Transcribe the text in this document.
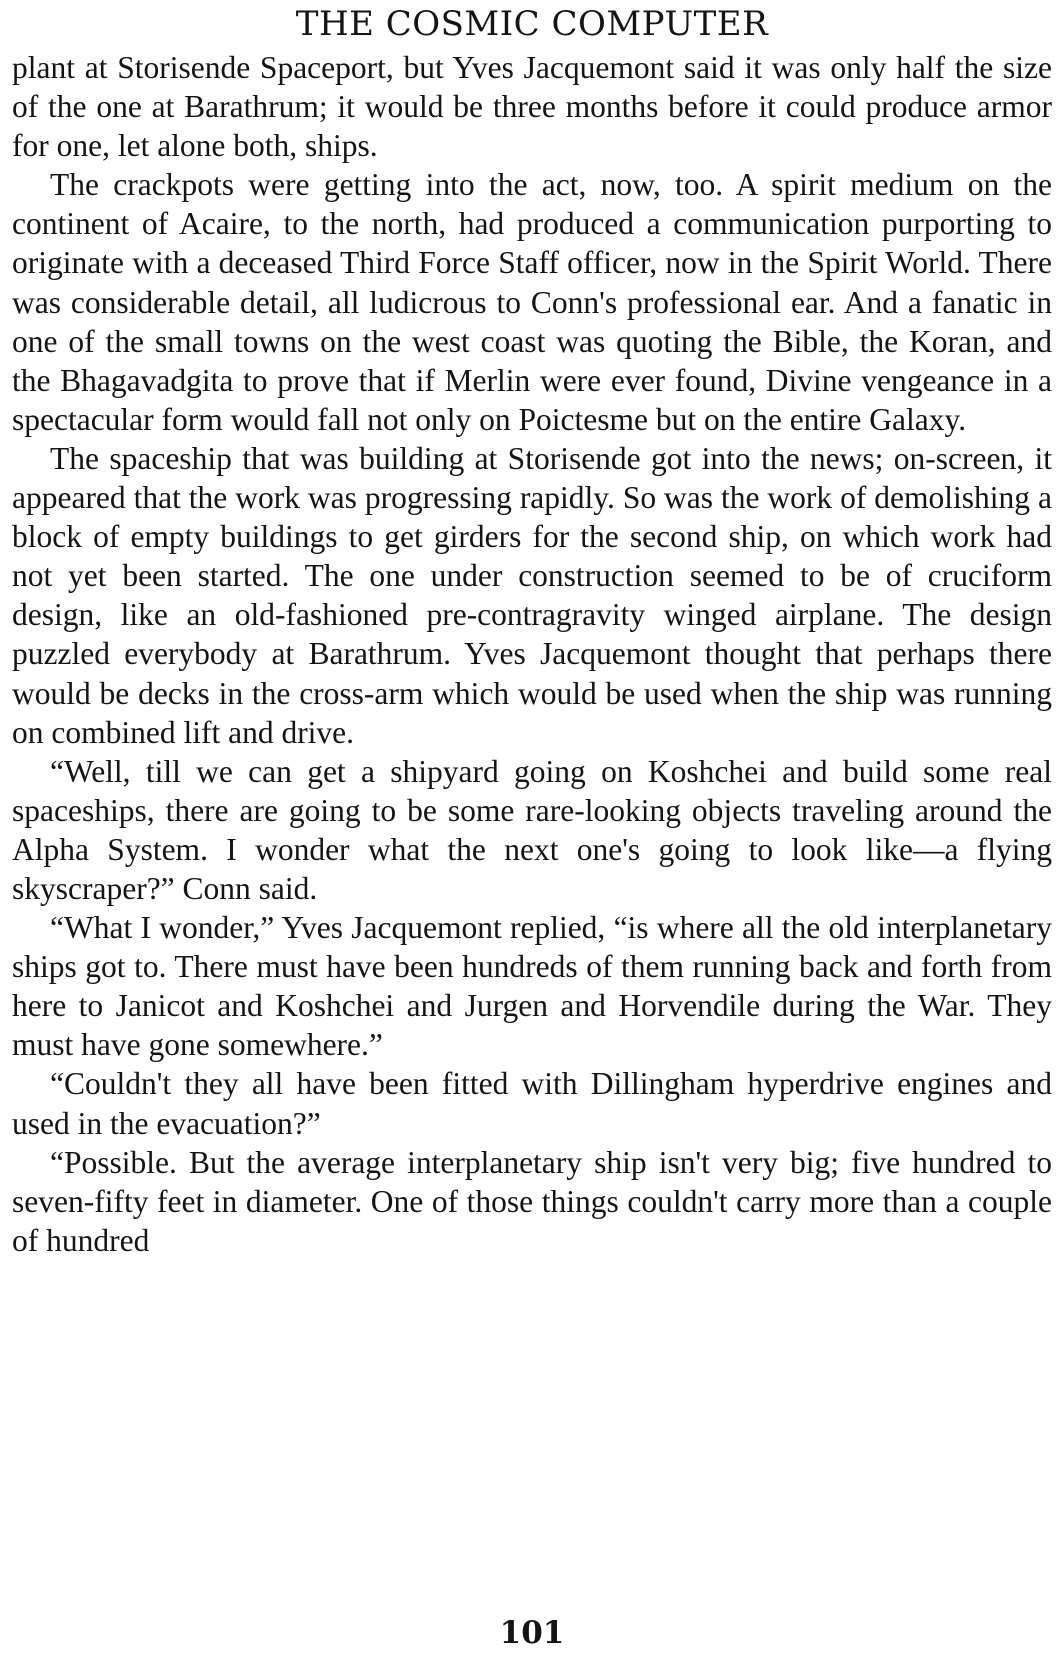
THE COSMIC COMPUTER

plant at Storisende Spaceport, but Yves Jacquemont said it was only half the size of the one at Barathrum; it would be three months before it could produce armor for one, let alone both, ships.

The crackpots were getting into the act, now, too. A spirit medium on the continent of Acaire, to the north, had produced a communication purporting to originate with a deceased Third Force Staff officer, now in the Spirit World. There was considerable detail, all ludicrous to Conn's professional ear. And a fanatic in one of the small towns on the west coast was quoting the Bible, the Koran, and the Bhagavadgita to prove that if Merlin were ever found, Divine vengeance in a spectacular form would fall not only on Poictesme but on the entire Galaxy.

The spaceship that was building at Storisende got into the news; on-screen, it appeared that the work was progressing rapidly. So was the work of demolishing a block of empty buildings to get girders for the second ship, on which work had not yet been started. The one under construction seemed to be of cruciform design, like an old-fashioned pre-contragravity winged airplane. The design puzzled everybody at Barathrum. Yves Jacquemont thought that perhaps there would be decks in the cross-arm which would be used when the ship was running on combined lift and drive.

“Well, till we can get a shipyard going on Koshchei and build some real spaceships, there are going to be some rare-looking objects traveling around the Alpha System. I wonder what the next one's going to look like—a flying skyscraper?” Conn said.

“What I wonder,” Yves Jacquemont replied, “is where all the old interplanetary ships got to. There must have been hundreds of them running back and forth from here to Janicot and Koshchei and Jurgen and Horvendile during the War. They must have gone somewhere.”

“Couldn't they all have been fitted with Dillingham hyperdrive engines and used in the evacuation?”

“Possible. But the average interplanetary ship isn't very big; five hundred to seven-fifty feet in diameter. One of those things couldn't carry more than a couple of hundred

101
